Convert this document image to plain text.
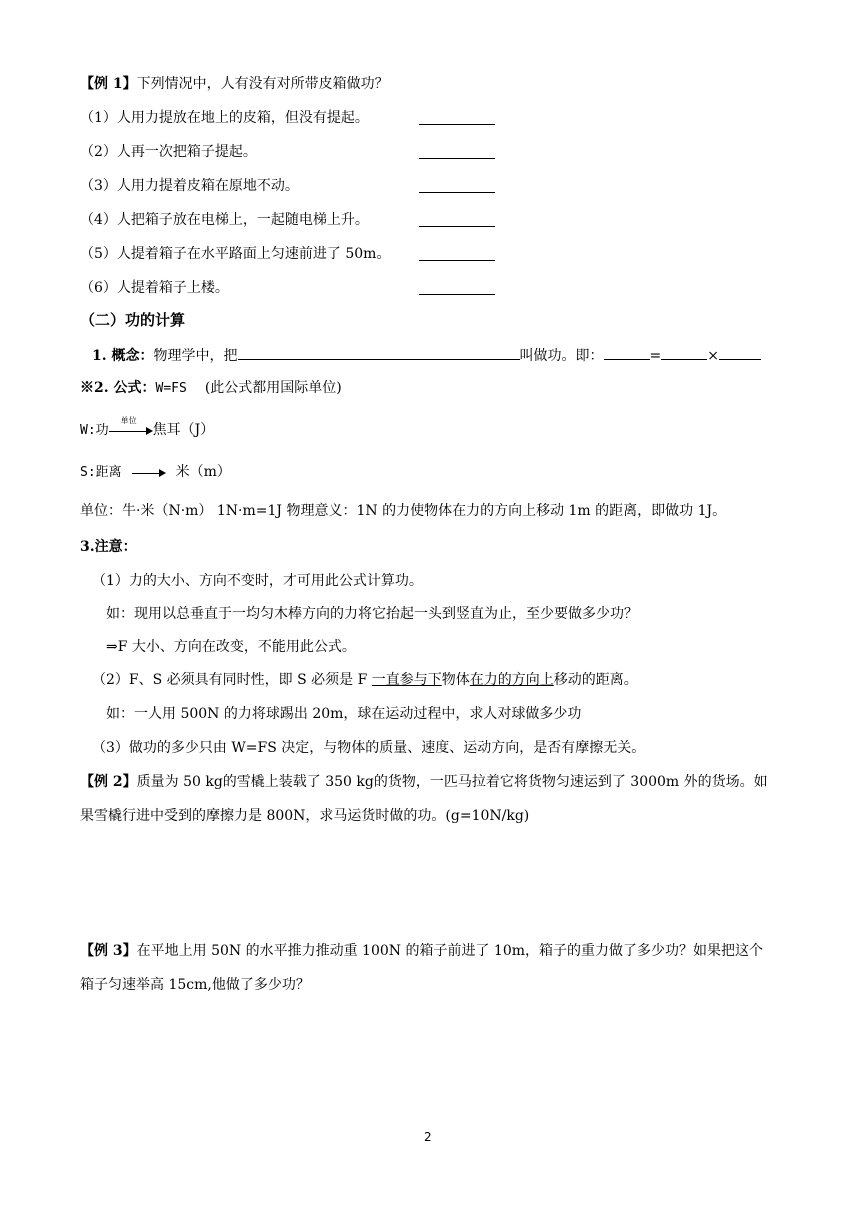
【例 1】下列情况中，人有没有对所带皮箱做功？
（1）人用力提放在地上的皮箱，但没有提起。
（2）人再一次把箱子提起。
（3）人用力提着皮箱在原地不动。
（4）人把箱子放在电梯上，一起随电梯上升。
（5）人提着箱子在水平路面上匀速前进了 50m。
（6）人提着箱子上楼。
（二）功的计算
1. 概念：物理学中，把	叫做功。即：	=	×
※2. 公式：W=FS (此公式都用国际单位)
W:功
单位
焦耳（J）
S:距离	米（m）
单位：牛·米（N·m） 1N·m=1J 物理意义：1N 的力使物体在力的方向上移动 1m 的距离，即做功 1J。
3.注意：
（1）力的大小、方向不变时，才可用此公式计算功。
如：现用以总垂直于一均匀木棒方向的力将它抬起一头到竖直为止，至少要做多少功？
⇒F 大小、方向在改变，不能用此公式。
（2）F、S 必须具有同时性，即 S 必须是 F 一直参与下物体在力的方向上移动的距离。
如：一人用 500N 的力将球踢出 20m，球在运动过程中，求人对球做多少功
（3）做功的多少只由 W=FS 决定，与物体的质量、速度、运动方向，是否有摩擦无关。
【例 2】质量为 50 kg的雪橇上装载了 350 kg的货物，一匹马拉着它将货物匀速运到了 3000m 外的货场。如
果雪橇行进中受到的摩擦力是 800N，求马运货时做的功。(g=10N/kg)
【例 3】在平地上用 50N 的水平推力推动重 100N 的箱子前进了 10m，箱子的重力做了多少功？如果把这个
箱子匀速举高 15cm,他做了多少功？
2
